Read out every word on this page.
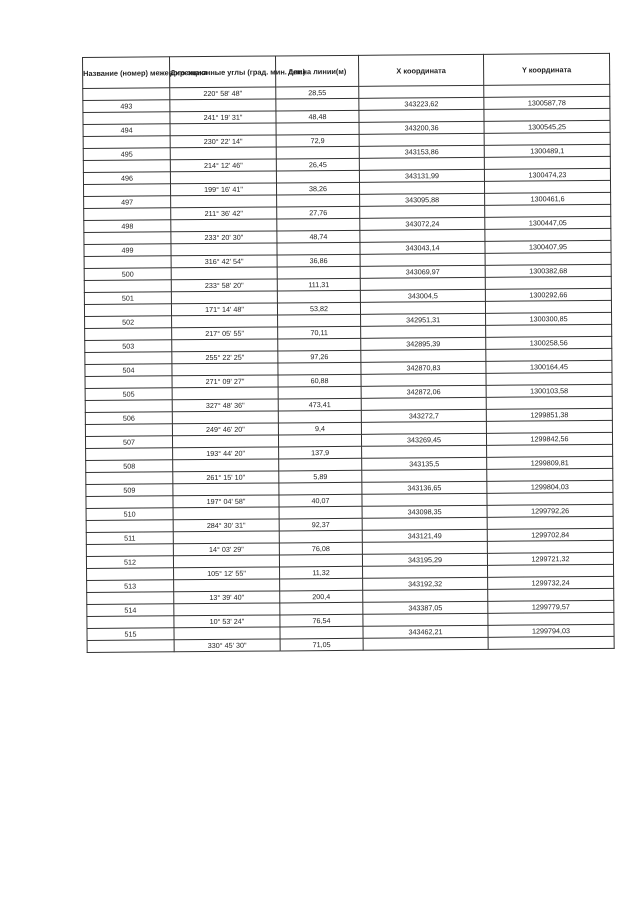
Название (номер) межевого знака	Дирекционные углы (град. мин. сек.)	Длина линии(м)	X координата	Y координата
	220° 58' 48"	28,55		
493			343223,62	1300587,78
	241° 19' 31"	48,48		
494			343200,36	1300545,25
	230° 22' 14"	72,9		
495			343153,86	1300489,1
	214° 12' 46"	26,45		
496			343131,99	1300474,23
	199° 16' 41"	38,26		
497			343095,88	1300461,6
	211° 36' 42"	27,76		
498			343072,24	1300447,05
	233° 20' 30"	48,74		
499			343043,14	1300407,95
	316° 42' 54"	36,86		
500			343069,97	1300382,68
	233° 58' 20"	111,31		
501			343004,5	1300292,66
	171° 14' 48"	53,82		
502			342951,31	1300300,85
	217° 05' 55"	70,11		
503			342895,39	1300258,56
	255° 22' 25"	97,26		
504			342870,83	1300164,45
	271° 09' 27"	60,88		
505			342872,06	1300103,58
	327° 48' 36"	473,41		
506			343272,7	1299851,38
	249° 46' 20"	9,4		
507			343269,45	1299842,56
	193° 44' 20"	137,9		
508			343135,5	1299809,81
	261° 15' 10"	5,89		
509			343136,65	1299804,03
	197° 04' 58"	40,07		
510			343098,35	1299792,26
	284° 30' 31"	92,37		
511			343121,49	1299702,84
	14° 03' 29"	76,08		
512			343195,29	1299721,32
	105° 12' 55"	11,32		
513			343192,32	1299732,24
	13° 39' 40"	200,4		
514			343387,05	1299779,57
	10° 53' 24"	76,54		
515			343462,21	1299794,03
	330° 45' 30"	71,05		
